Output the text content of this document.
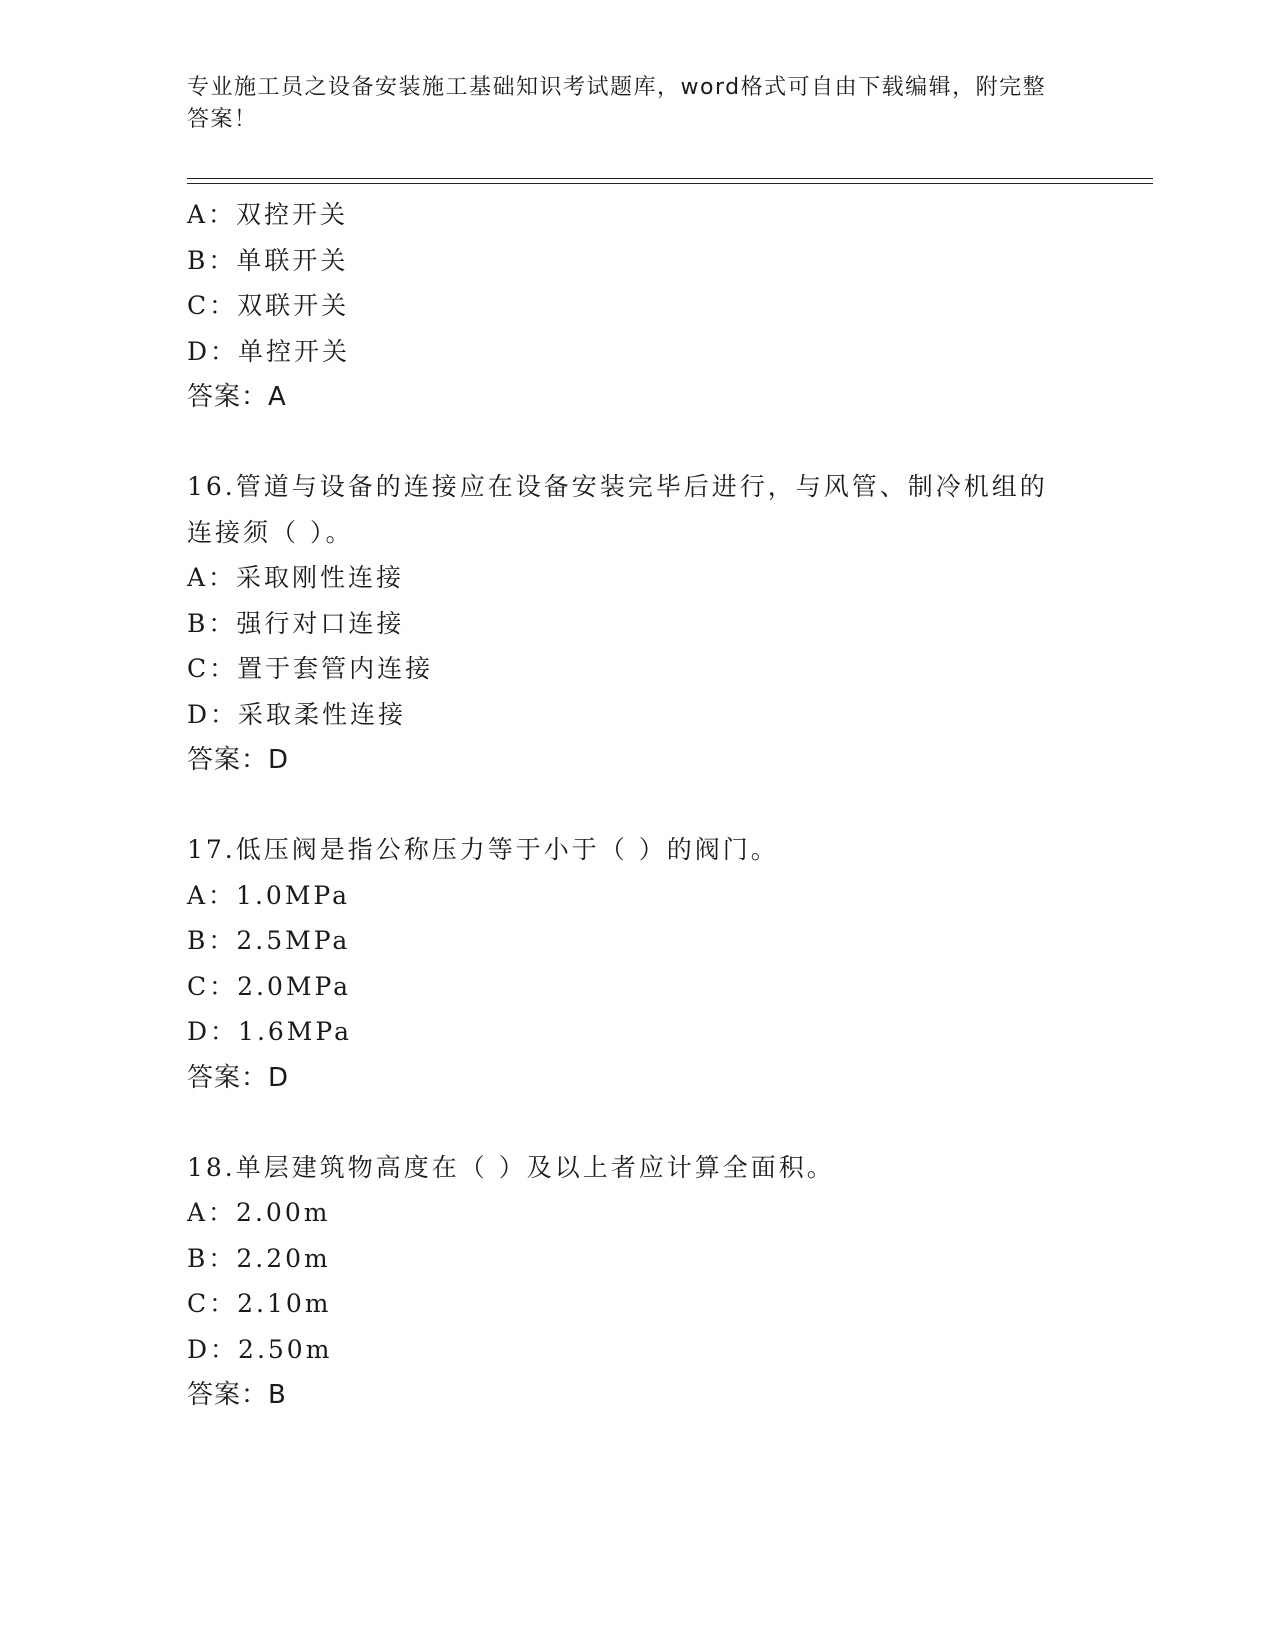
专业施工员之设备安装施工基础知识考试题库，word格式可自由下载编辑，附完整答案！
A：双控开关
B：单联开关
C：双联开关
D：单控开关
答案：A
16.管道与设备的连接应在设备安装完毕后进行，与风管、制冷机组的
连接须（ ）。
A：采取刚性连接
B：强行对口连接
C：置于套管内连接
D：采取柔性连接
答案：D
17.低压阀是指公称压力等于小于（ ）的阀门。
A：1.0MPa
B：2.5MPa
C：2.0MPa
D：1.6MPa
答案：D
18.单层建筑物高度在（ ）及以上者应计算全面积。
A：2.00m
B：2.20m
C：2.10m
D：2.50m
答案：B
